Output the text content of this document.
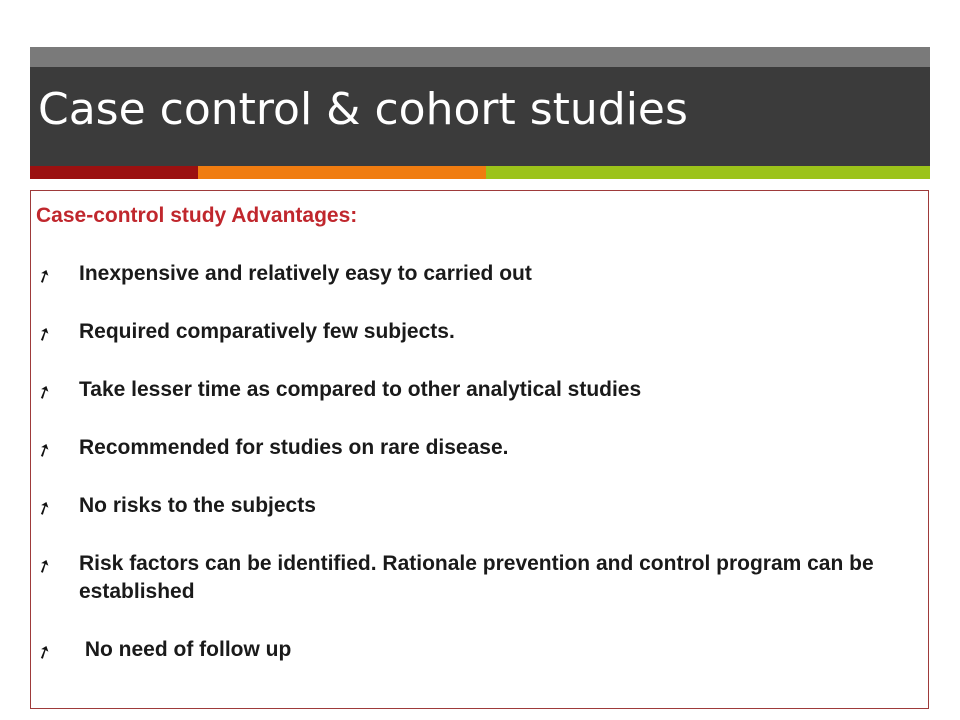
Case control & cohort studies
Case-control study Advantages:
➚	Inexpensive and relatively easy to carried out
➚	Required comparatively few subjects.
➚	Take lesser time as compared to other analytical studies
➚	Recommended for studies on rare disease.
➚	No risks to the subjects
➚	Risk factors can be identified. Rationale prevention and control program can be established
➚	No need of follow up
